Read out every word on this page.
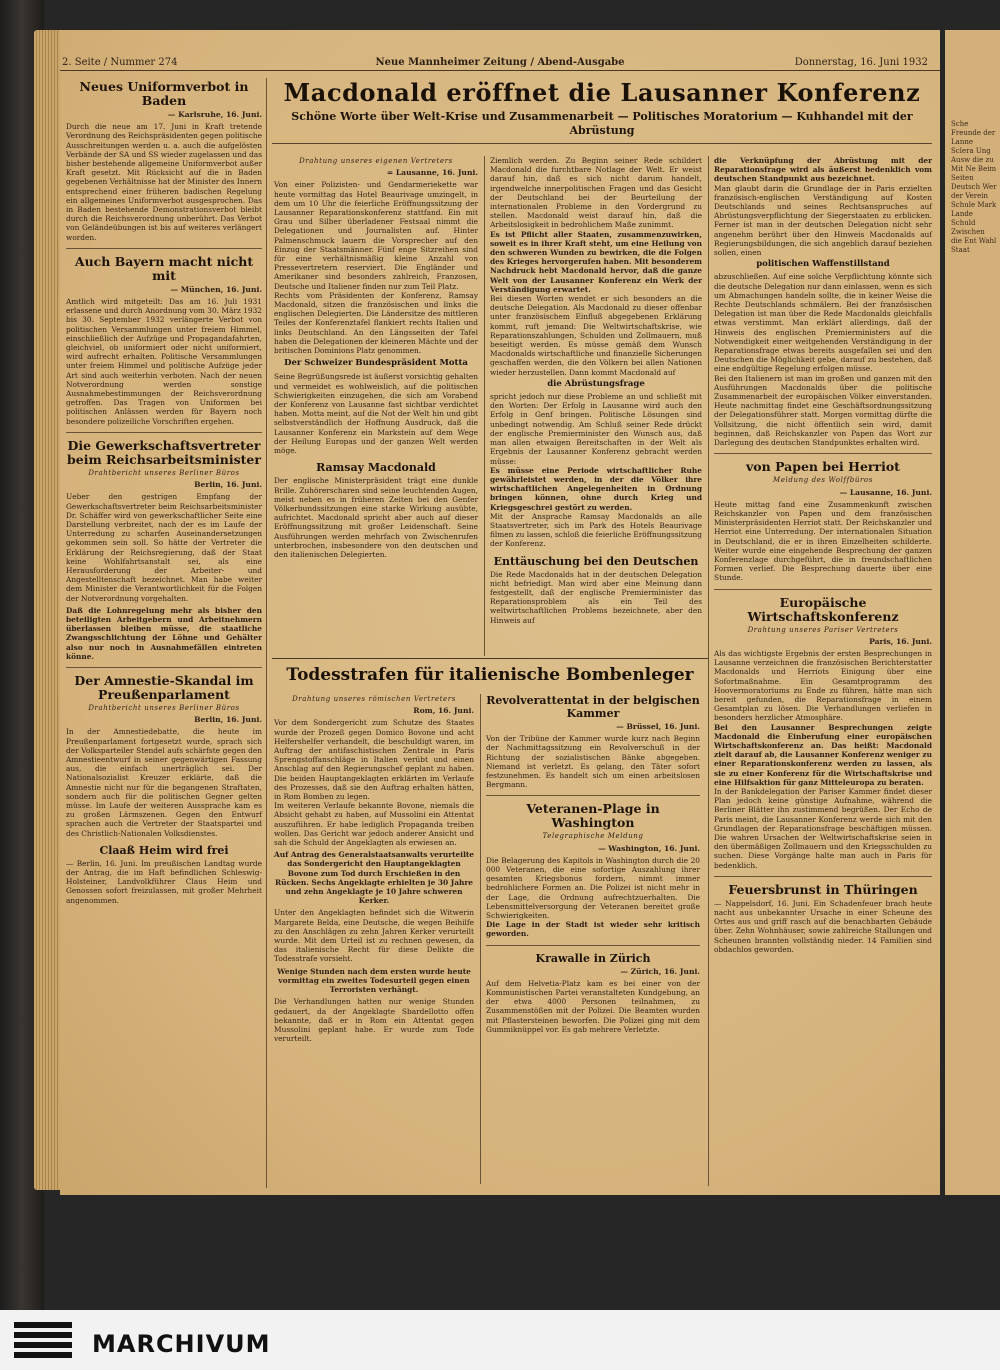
2. Seite / Nummer 274	Neue Mannheimer Zeitung / Abend-Ausgabe	Donnerstag, 16. Juni 1932
Neues Uniformverbot in Baden
— Karlsruhe, 16. Juni.

Durch die neue am 17. Juni in Kraft tretende Verordnung des Reichspräsidenten gegen politische Ausschreitungen werden u. a. auch die aufgelösten Verbände der SA und SS wieder zugelassen und das bisher bestehende allgemeine Uniformverbot außer Kraft gesetzt. Mit Rücksicht auf die in Baden gegebenen Verhältnisse hat der Minister des Innern entsprechend einer früheren badischen Regelung ein allgemeines Uniformverbot ausgesprochen. Das in Baden bestehende Demonstrationsverbot bleibt durch die Reichsverordnung unberührt. Das Verbot von Geländeübungen ist bis auf weiteres verlängert worden.

Auch Bayern macht nicht mit
— München, 16. Juni.

Amtlich wird mitgeteilt: Das am 16. Juli 1931 erlassene und durch Anordnung vom 30. März 1932 bis 30. September 1932 verlängerte Verbot von politischen Versammlungen unter freiem Himmel, einschließlich der Aufzüge und Propagandafahrten, gleichviel, ob uniformiert oder nicht uniformiert, wird aufrecht erhalten. Politische Versammlungen unter freiem Himmel und politische Aufzüge jeder Art sind auch weiterhin verboten. Nach der neuen Notverordnung werden sonstige Ausnahmebestimmungen der Reichsverordnung getroffen. Das Tragen von Uniformen bei politischen Anlässen werden für Bayern noch besondere polizeiliche Vorschriften ergehen.

Die Gewerkschaftsvertreter beim Reichsarbeitsminister
Drahtbericht unseres Berliner Büros
Berlin, 16. Juni.

Ueber den gestrigen Empfang der Gewerkschaftsvertreter beim Reichsarbeitsminister Dr. Schäffer wird von gewerkschaftlicher Seite eine Darstellung verbreitet, nach der es im Laufe der Unterredung zu scharfen Auseinandersetzungen gekommen sein soll. So hätte der Vertreter die Erklärung der Reichsregierung, daß der Staat keine Wohlfahrtsanstalt sei, als eine Herausforderung der Arbeiter- und Angestelltenschaft bezeichnet. Man habe weiter dem Minister die Verantwortlichkeit für die Folgen der Notverordnung vorgehalten.

Daß die Lohnregelung mehr als bisher den beteiligten Arbeitgebern und Arbeitnehmern überlassen bleiben müsse, die staatliche Zwangsschlichtung der Löhne und Gehälter also nur noch in Ausnahmefällen eintreten könne.

Der Amnestie-Skandal im Preußenparlament
Drahtbericht unseres Berliner Büros
Berlin, 16. Juni.

In der Amnestiedebatte, die heute im Preußenparlament fortgesetzt wurde, sprach sich der Volksparteiler Stendel aufs schärfste gegen den Amnestieentwurf in seiner gegenwärtigen Fassung aus, die einfach unerträglich sei. Der Nationalsozialist Kreuzer erklärte, daß die Amnestie nicht nur für die begangenen Straftaten, sondern auch für die politischen Gegner gelten müsse. Im Laufe der weiteren Aussprache kam es zu großen Lärmszenen. Gegen den Entwurf sprachen auch die Vertreter der Staatspartei und des Christlich-Nationalen Volksdienstes.

Claaß Heim wird frei

— Berlin, 16. Juni. Im preußischen Landtag wurde der Antrag, die im Haft befindlichen Schleswig-Holsteiner, Landvolkführer Claus Heim und Genossen sofort freizulassen, mit großer Mehrheit angenommen.

Macdonald eröffnet die Lausanner Konferenz
Schöne Worte über Welt-Krise und Zusammenarbeit — Politisches Moratorium — Kuhhandel mit der Abrüstung
Drahtung unseres eigenen Vertreters
= Lausanne, 16. Juni.

Von einer Polizisten- und Gendarmeriekette war heute vormittag das Hotel Beaurivage umzingelt, in dem um 10 Uhr die feierliche Eröffnungssitzung der Lausanner Reparationskonferenz stattfand. Ein mit Grau und Silber überladener Festsaal nimmt die Delegationen und Journalisten auf. Hinter Palmenschmuck lauern die Vorsprecher auf den Einzug der Staatsmänner. Fünf enge Sitzreihen sind für eine verhältnismäßig kleine Anzahl von Pressevertretern reserviert. Die Engländer und Amerikaner sind besonders zahlreich, Franzosen, Deutsche und Italiener finden nur zum Teil Platz.

Rechts vom Präsidenten der Konferenz, Ramsay Macdonald, sitzen die französischen und links die englischen Delegierten. Die Ländersitze des mittleren Teiles der Konferenztafel flankiert rechts Italien und links Deutschland. An den Längsseiten der Tafel haben die Delegationen der kleineren Mächte und der britischen Dominions Platz genommen.

Der Schweizer Bundespräsident Motta

Seine Begrüßungsrede ist äußerst vorsichtig gehalten und vermeidet es wohlweislich, auf die politischen Schwierigkeiten einzugehen, die sich am Vorabend der Konferenz von Lausanne fast sichtbar verdichtet haben. Motta meint, auf die Not der Welt hin und gibt selbstverständlich der Hoffnung Ausdruck, daß die Lausanner Konferenz ein Markstein auf dem Wege der Heilung Europas und der ganzen Welt werden möge.

Ramsay Macdonald

Der englische Ministerpräsident trägt eine dunkle Brille. Zuhörerscharen sind seine leuchtenden Augen, meist neben es in früheren Zeiten bei den Genfer Völkerbundssitzungen eine starke Wirkung ausübte, aufrichtet. Macdonald spricht aber auch auf dieser Eröffnungssitzung mit großer Leidenschaft. Seine Ausführungen werden mehrfach von Zwischenrufen unterbrochen, insbesondere von den deutschen und den italienischen Delegierten.

Ziemlich werden. Zu Beginn seiner Rede schildert Macdonald die furchtbare Notlage der Welt. Er weist darauf hin, daß es sich nicht darum handelt, irgendwelche innerpolitischen Fragen und das Gesicht der Deutschland bei der Beurteilung der internationalen Probleme in den Vordergrund zu stellen. Macdonald weist darauf hin, daß die Arbeitslosigkeit in bedrohlichem Maße zunimmt.

Es ist Pflicht aller Staaten, zusammenzuwirken, soweit es in ihrer Kraft steht, um eine Heilung von den schweren Wunden zu bewirken, die die Folgen des Krieges hervorgerufen haben. Mit besonderem Nachdruck hebt Macdonald hervor, daß die ganze Welt von der Lausanner Konferenz ein Werk der Verständigung erwartet.

Bei diesen Worten wendet er sich besonders an die deutsche Delegation. Als Macdonald zu dieser offenbar unter französischem Einfluß abgegebenen Erklärung kommt, ruft jemand: Die Weltwirtschaftskrise, wie Reparationszahlungen, Schulden und Zollmauern, muß beseitigt werden. Es müsse gemäß dem Wunsch Macdonalds wirtschaftliche und finanzielle Sicherungen geschaffen werden, die den Völkern bei allen Nationen wieder herzustellen. Dann kommt Macdonald auf

die Abrüstungsfrage

spricht jedoch nur diese Probleme an und schließt mit den Worten: Der Erfolg in Lausanne wird auch den Erfolg in Genf bringen. Politische Lösungen sind unbedingt notwendig. Am Schluß seiner Rede drückt der englische Premierminister den Wunsch aus, daß man allen etwaigen Bereitschaften in der Welt als Ergebnis der Lausanner Konferenz gebracht werden müsse:

Es müsse eine Periode wirtschaftlicher Ruhe gewährleistet werden, in der die Völker ihre wirtschaftlichen Angelegenheiten in Ordnung bringen können, ohne durch Krieg und Kriegsgeschrei gestört zu werden.

Mit der Ansprache Ramsay Macdonalds an alle Staatsvertreter, sich im Park des Hotels Beaurivage filmen zu lassen, schloß die feierliche Eröffnungssitzung der Konferenz.

Enttäuschung bei den Deutschen

Die Rede Macdonalds hat in der deutschen Delegation nicht befriedigt. Man wird aber eine Meinung dann festgestellt, daß der englische Premierminister das Reparationsproblem als ein Teil des weltwirtschaftlichen Problems bezeichnete, aber den Hinweis auf

die Verknüpfung der Abrüstung mit der Reparationsfrage wird als äußerst bedenklich vom deutschen Standpunkt aus bezeichnet.

Man glaubt darin die Grundlage der in Paris erzielten französisch-englischen Verständigung auf Kosten Deutschlands und seines Rechtsanspruches auf Abrüstungsverpflichtung der Siegerstaaten zu erblicken. Ferner ist man in der deutschen Delegation nicht sehr angenehm berührt über den Hinweis Macdonalds auf Regierungsbildungen, die sich angeblich darauf beziehen sollen, einen

politischen Waffenstillstand

abzuschließen. Auf eine solche Verpflichtung könnte sich die deutsche Delegation nur dann einlassen, wenn es sich um Abmachungen handeln sollte, die in keiner Weise die Rechte Deutschlands schmälern. Bei der französischen Delegation ist man über die Rede Macdonalds gleichfalls etwas verstimmt. Man erklärt allerdings, daß der Hinweis des englischen Premierministers auf die Notwendigkeit einer weitgehenden Verständigung in der Reparationsfrage etwas bereits ausgefallen sei und den Deutschen die Möglichkeit gebe, darauf zu bestehen, daß eine endgültige Regelung erfolgen müsse.

Bei den Italienern ist man im großen und ganzen mit den Ausführungen Macdonalds über die politische Zusammenarbeit der europäischen Völker einverstanden. Heute nachmittag findet eine Geschäftsordnungssitzung der Delegationsführer statt. Morgen vormittag dürfte die Vollsitzung, die nicht öffentlich sein wird, damit beginnen, daß Reichskanzler von Papen das Wort zur Darlegung des deutschen Standpunktes erhalten wird.

von Papen bei Herriot
Meldung des Wolffbüros
— Lausanne, 16. Juni.

Heute mittag fand eine Zusammenkunft zwischen Reichskanzler von Papen und dem französischen Ministerpräsidenten Herriot statt. Der Reichskanzler und Herriot eine Unterredung. Der internationalen Situation in Deutschland, die er in ihren Einzelheiten schilderte. Weiter wurde eine eingehende Besprechung der ganzen Konferenzlage durchgeführt, die in freundschaftlichen Formen verlief. Die Besprechung dauerte über eine Stunde.

Europäische Wirtschaftskonferenz
Drahtung unseres Pariser Vertreters
Paris, 16. Juni.

Als das wichtigste Ergebnis der ersten Besprechungen in Lausanne verzeichnen die französischen Berichterstatter Macdonalds und Herriots Einigung über eine Sofortmaßnahme. Ein Gesamtprogramm des Hoovermoratoriums zu Ende zu führen, hätte man sich bereit gefunden, die Reparationsfrage in einem Gesamtplan zu lösen. Die Verhandlungen verliefen in besonders herzlicher Atmosphäre.

Bei den Lausanner Besprechungen zeigte Macdonald die Einberufung einer europäischen Wirtschaftskonferenz an. Das heißt: Macdonald zielt darauf ab, die Lausanner Konferenz weniger zu einer Reparationskonferenz werden zu lassen, als sie zu einer Konferenz für die Wirtschaftskrise und eine Hilfsaktion für ganz Mitteleuropa zu beraten.

In der Bankdelegation der Pariser Kammer findet dieser Plan jedoch keine günstige Aufnahme, während die Berliner Blätter ihn zustimmend begrüßen. Der Echo de Paris meint, die Lausanner Konferenz werde sich mit den Grundlagen der Reparationsfrage beschäftigen müssen. Die wahren Ursachen der Weltwirtschaftskrise seien in den übermäßigen Zollmauern und den Kriegsschulden zu suchen. Diese Vorgänge halte man auch in Paris für bedenklich.

Feuersbrunst in Thüringen

— Nappelsdorf, 16. Juni. Ein Schadenfeuer brach heute nacht aus unbekannter Ursache in einer Scheune des Ortes aus und griff rasch auf die benachbarten Gebäude über. Zehn Wohnhäuser, sowie zahlreiche Stallungen und Scheunen brannten vollständig nieder. 14 Familien sind obdachlos geworden.

Todesstrafen für italienische Bombenleger
Drahtung unseres römischen Vertreters
Rom, 16. Juni.

Vor dem Sondergericht zum Schutze des Staates wurde der Prozeß gegen Domico Bovone und acht Helfershelfer verhandelt, die beschuldigt waren, im Auftrag der antifaschistischen Zentrale in Paris Sprengstoffanschläge in Italien verübt und einen Anschlag auf den Regierungschef geplant zu haben. Die beiden Hauptangeklagten erklärten im Verlaufe des Prozesses, daß sie den Auftrag erhalten hätten, in Rom Bomben zu legen.

Im weiteren Verlaufe bekannte Bovone, niemals die Absicht gehabt zu haben, auf Mussolini ein Attentat auszuführen. Er habe lediglich Propaganda treiben wollen. Das Gericht war jedoch anderer Ansicht und sah die Schuld der Angeklagten als erwiesen an.

Auf Antrag des Generalstaatsanwalts verurteilte das Sondergericht den Hauptangeklagten Bovone zum Tod durch Erschießen in den Rücken. Sechs Angeklagte erhielten je 30 Jahre und zehn Angeklagte je 10 Jahre schweren Kerker.

Unter den Angeklagten befindet sich die Witwerin Margarete Belda, eine Deutsche, die wegen Beihilfe zu den Anschlägen zu zehn Jahren Kerker verurteilt wurde. Mit dem Urteil ist zu rechnen gewesen, da das italienische Recht für diese Delikte die Todesstrafe vorsieht.

Wenige Stunden nach dem ersten wurde heute vormittag ein zweites Todesurteil gegen einen Terroristen verhängt.

Die Verhandlungen hatten nur wenige Stunden gedauert, da der Angeklagte Sbardellotto offen bekannte, daß er in Rom ein Attentat gegen Mussolini geplant habe. Er wurde zum Tode verurteilt.

Revolverattentat in der belgischen Kammer
— Brüssel, 16. Juni.

Von der Tribüne der Kammer wurde kurz nach Beginn der Nachmittagssitzung ein Revolverschuß in der Richtung der sozialistischen Bänke abgegeben. Niemand ist verletzt. Es gelang, den Täter sofort festzunehmen. Es handelt sich um einen arbeitslosen Bergmann.

Veteranen-Plage in Washington
Telegraphische Meldung
— Washington, 16. Juni.

Die Belagerung des Kapitols in Washington durch die 20 000 Veteranen, die eine sofortige Auszahlung ihrer gesamten Kriegsbonus fordern, nimmt immer bedrohlichere Formen an. Die Polizei ist nicht mehr in der Lage, die Ordnung aufrechtzuerhalten. Die Lebensmittelversorgung der Veteranen bereitet große Schwierigkeiten.

Die Lage in der Stadt ist wieder sehr kritisch geworden.

Krawalle in Zürich
— Zürich, 16. Juni.

Auf dem Helvetia-Platz kam es bei einer von der Kommunistischen Partei veranstalteten Kundgebung, an der etwa 4000 Personen teilnahmen, zu Zusammenstößen mit der Polizei. Die Beamten wurden mit Pflastersteinen beworfen. Die Polizei ging mit dem Gummiknüppel vor. Es gab mehrere Verletzte.

Sche Freunde der Lanne Sclera Ung Ausw die zu Mit Ne Beim Seiten Deutsch Wer der Verein Schule Mark Lande Schuld Zwischen die Ent Wahl Staat
MARCHIVUM
